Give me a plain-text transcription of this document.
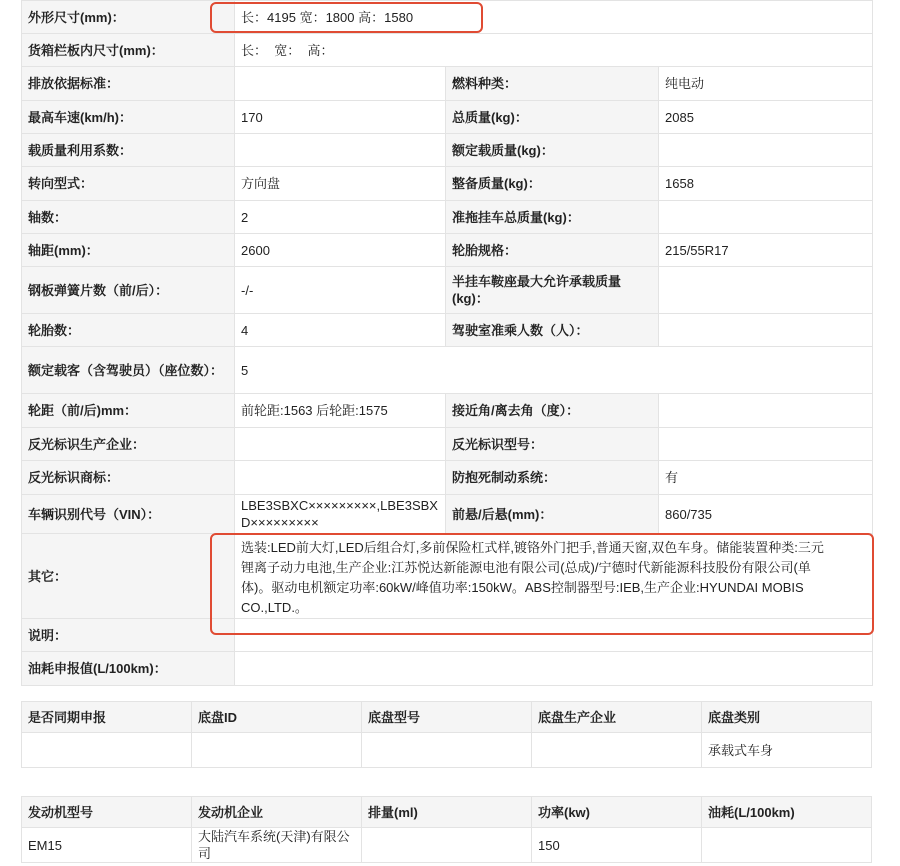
外形尺寸(mm)：	长：4195 宽：1800 高：1580		
货箱栏板内尺寸(mm)：	长：  宽：  高：		
排放依据标准：		燃料种类：	纯电动
最高车速(km/h)：	170	总质量(kg)：	2085
载质量利用系数：		额定载质量(kg)：	
转向型式：	方向盘	整备质量(kg)：	1658
轴数：	2	准拖挂车总质量(kg)：	
轴距(mm)：	2600	轮胎规格：	215/55R17
钢板弹簧片数（前/后）：	-/-	半挂车鞍座最大允许承载质量(kg)：	
轮胎数：	4	驾驶室准乘人数（人）：	
额定载客（含驾驶员）（座位数）：	5		
轮距（前/后)mm：	前轮距:1563 后轮距:1575	接近角/离去角（度）：	
反光标识生产企业：		反光标识型号：	
反光标识商标：		防抱死制动系统：	有
车辆识别代号（VIN）：	LBE3SBXC×××××××××,LBE3SBXD×××××××××	前悬/后悬(mm)：	860/735
其它：	选装:LED前大灯,LED后组合灯,多前保险杠式样,镀铬外门把手,普通天窗,双色车身。储能装置种类:三元锂离子动力电池,生产企业:江苏悦达新能源电池有限公司(总成)/宁德时代新能源科技股份有限公司(单体)。驱动电机额定功率:60kW/峰值功率:150kW。ABS控制器型号:IEB,生产企业:HYUNDAI MOBIS CO.,LTD.。		
说明：			
油耗申报值(L/100km)：			
是否同期申报	底盘ID	底盘型号	底盘生产企业	底盘类别
				承载式车身
发动机型号	发动机企业	排量(ml)	功率(kw)	油耗(L/100km)
EM15	大陆汽车系统(天津)有限公司		150	
